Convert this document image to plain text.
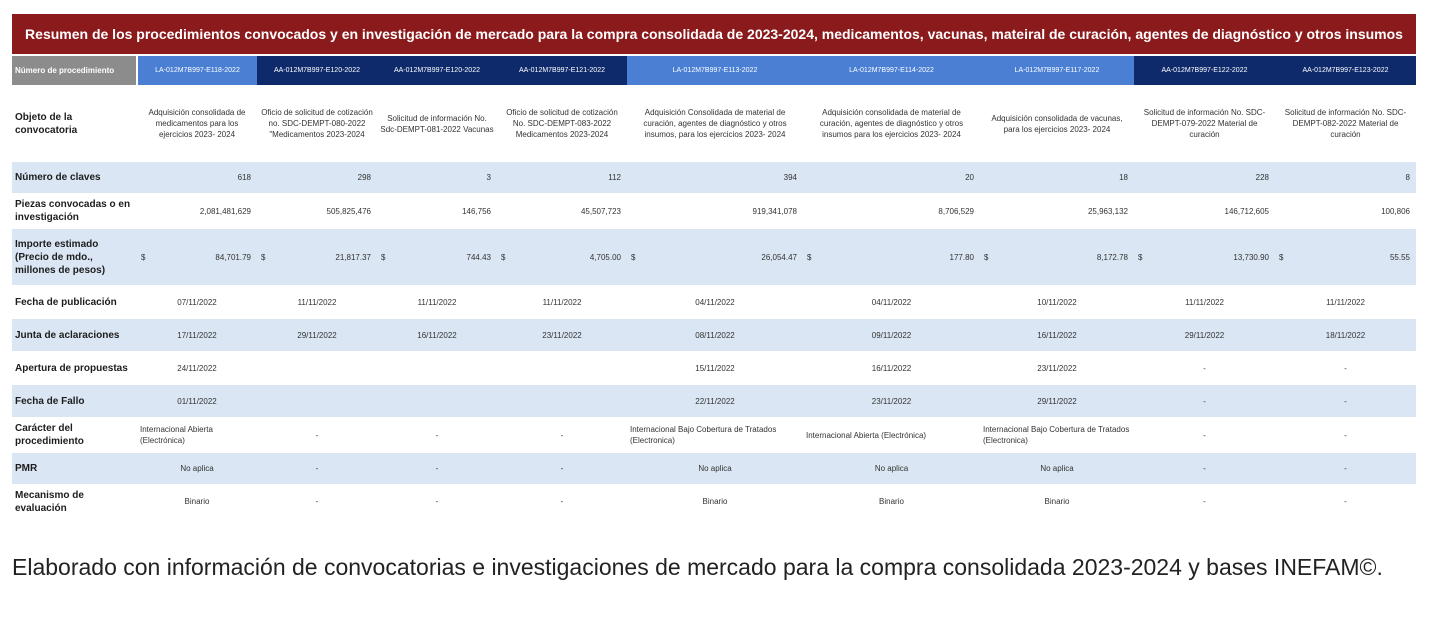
Resumen de los procedimientos convocados y en investigación de mercado para la compra consolidada de 2023-2024, medicamentos, vacunas, mateiral de curación, agentes de diagnóstico y otros insumos
Número de procedimiento	LA-012M7B997-E118-2022	AA-012M7B997-E120-2022	AA-012M7B997-E120-2022	AA-012M7B997-E121-2022	LA-012M7B997-E113-2022	LA-012M7B997-E114-2022	LA-012M7B997-E117-2022	AA-012M7B997-E122-2022	AA-012M7B997-E123-2022
Objeto de la convocatoria	Adquisición consolidada de medicamentos para los ejercicios 2023- 2024	Oficio de solicitud de cotización no. SDC-DEMPT-080-2022 "Medicamentos 2023-2024	Solicitud de información No. Sdc-DEMPT-081-2022 Vacunas	Oficio de solicitud de cotización No. SDC-DEMPT-083-2022 Medicamentos 2023-2024	Adquisición Consolidada de material de curación, agentes de diagnóstico y otros insumos, para los ejercicios 2023- 2024	Adquisición consolidada de material de curación, agentes de diagnóstico y otros insumos para los ejercicios 2023- 2024	Adquisición consolidada de vacunas, para los ejercicios 2023- 2024	Solicitud de información No. SDC-DEMPT-079-2022 Material de curación	Solicitud de información No. SDC-DEMPT-082-2022 Material de curación
Número de claves	618	298	3	112	394	20	18	228	8
Piezas convocadas o en investigación	2,081,481,629	505,825,476	146,756	45,507,723	919,341,078	8,706,529	25,963,132	146,712,605	100,806
Importe estimado (Precio de mdo., millones de pesos)	$ 84,701.79	$ 21,817.37	$ 744.43	$ 4,705.00	$ 26,054.47	$ 177.80	$ 8,172.78	$ 13,730.90	$ 55.55

Fecha de publicación	07/11/2022	11/11/2022	11/11/2022	11/11/2022	04/11/2022	04/11/2022	10/11/2022	11/11/2022	11/11/2022
Junta de aclaraciones	17/11/2022	29/11/2022	16/11/2022	23/11/2022	08/11/2022	09/11/2022	16/11/2022	29/11/2022	18/11/2022
Apertura de propuestas	24/11/2022				15/11/2022	16/11/2022	23/11/2022	-	-
Fecha de Fallo	01/11/2022				22/11/2022	23/11/2022	29/11/2022	-	-
Carácter del procedimiento	Internacional Abierta (Electrónica)	-	-	-	Internacional Bajo Cobertura de Tratados (Electronica)	Internacional Abierta (Electrónica)	Internacional Bajo Cobertura de Tratados (Electronica)	-	-
PMR	No aplica	-	-	-	No aplica	No aplica	No aplica	-	-
Mecanismo de evaluación	Binario	-	-	-	Binario	Binario	Binario	-	-
Elaborado con información de convocatorias e investigaciones de mercado para la compra consolidada 2023-2024 y bases INEFAM©.
